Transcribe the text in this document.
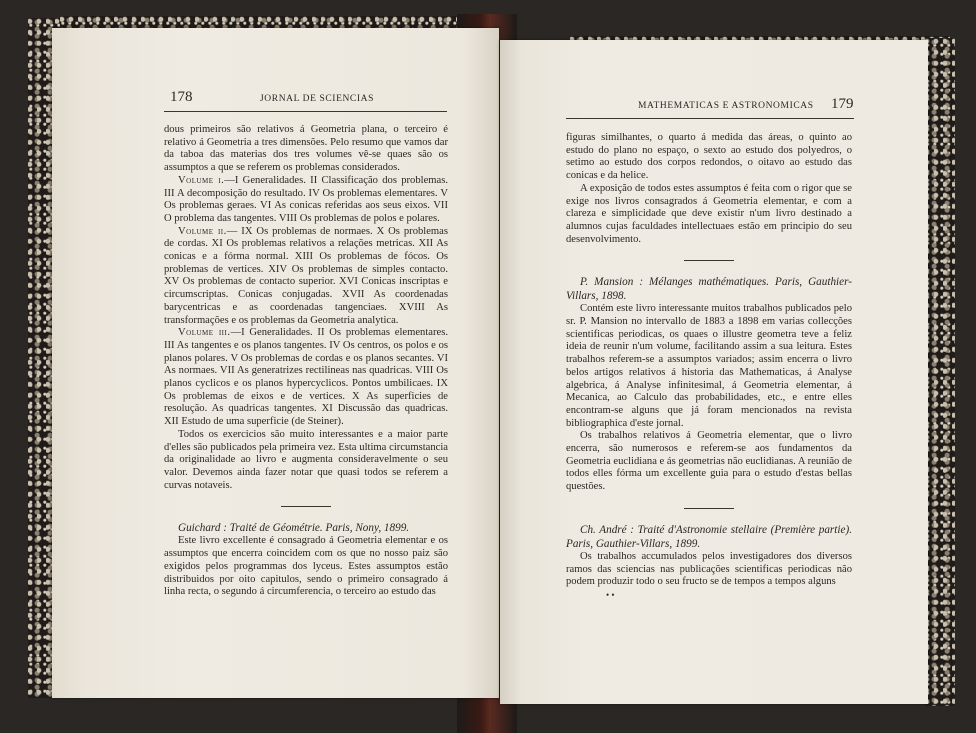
178	JORNAL DE SCIENCIAS

dous primeiros são relativos á Geometria plana, o terceiro é relativo á Geometria a tres dimensões. Pelo resumo que vamos dar da taboa das materias dos tres volumes vê-se quaes são os assumptos a que se referem os problemas considerados.

Volume i.—I Generalidades. II Classificação dos problemas. III A decomposição do resultado. IV Os problemas elementares. V Os problemas geraes. VI As conicas referidas aos seus eixos. VII O problema das tangentes. VIII Os problemas de polos e polares.

Volume ii.— IX Os problemas de normaes. X Os problemas de cordas. XI Os problemas relativos a relações metricas. XII As conicas e a fórma normal. XIII Os problemas de fócos. Os problemas de vertices. XIV Os problemas de simples contacto. XV Os problemas de contacto superior. XVI Conicas inscriptas e circumscriptas. Conicas conjugadas. XVII As coordenadas barycentricas e as coordenadas tangenciaes. XVIII As transformações e os problemas da Geometria analytica.

Volume iii.—I Generalidades. II Os problemas elementares. III As tangentes e os planos tangentes. IV Os centros, os polos e os planos polares. V Os problemas de cordas e os planos secantes. VI As normaes. VII As generatrizes rectilineas nas quadricas. VIII Os planos cyclicos e os planos hypercyclicos. Pontos umbilicaes. IX Os problemas de eixos e de vertices. X As superficies de resolução. As quadricas tangentes. XI Discussão das quadricas. XII Estudo de uma superficie (de Steiner).

Todos os exercicios são muito interessantes e a maior parte d'elles são publicados pela primeira vez. Esta ultima circumstancia da originalidade ao livro e augmenta consideravelmente o seu valor. Devemos ainda fazer notar que quasi todos se referem a curvas notaveis.

Guichard : Traité de Géométrie. Paris, Nony, 1899.

Este livro excellente é consagrado á Geometria elementar e os assumptos que encerra coincidem com os que no nosso paiz são exigidos pelos programmas dos lyceus. Estes assumptos estão distribuidos por oito capitulos, sendo o primeiro consagrado á linha recta, o segundo á circumferencia, o terceiro ao estudo das

MATHEMATICAS E ASTRONOMICAS 179

figuras similhantes, o quarto á medida das áreas, o quinto ao estudo do plano no espaço, o sexto ao estudo dos polyedros, o setimo ao estudo dos corpos redondos, o oitavo ao estudo das conicas e da helice.

A exposição de todos estes assumptos é feita com o rigor que se exige nos livros consagrados á Geometria elementar, e com a clareza e simplicidade que deve existir n'um livro destinado a alumnos cujas faculdades intellectuaes estão em principio do seu desenvolvimento.

P. Mansion : Mélanges mathématiques. Paris, Gauthier-Villars, 1898.

Contém este livro interessante muitos trabalhos publicados pelo sr. P. Mansion no intervallo de 1883 a 1898 em varias collecções scientificas periodicas, os quaes o illustre geometra teve a feliz ideia de reunir n'um volume, facilitando assim a sua leitura. Estes trabalhos referem-se a assumptos variados; assim encerra o livro belos artigos relativos á historia das Mathematicas, á Analyse algebrica, á Analyse infinitesimal, á Geometria elementar, á Mecanica, ao Calculo das probabilidades, etc., e entre elles encontram-se alguns que já foram mencionados na revista bibliographica d'este jornal.

Os trabalhos relativos á Geometria elementar, que o livro encerra, são numerosos e referem-se aos fundamentos da Geometria euclidiana e ás geometrias não euclidianas. A reunião de todos elles fórma um excellente guia para o estudo d'estas bellas questões.

Ch. André : Traité d'Astronomie stellaire (Première partie). Paris, Gauthier-Villars, 1899.

Os trabalhos accumulados pelos investigadores dos diversos ramos das sciencias nas publicações scientificas periodicas não podem produzir todo o seu fructo se de tempos a tempos alguns

• •
